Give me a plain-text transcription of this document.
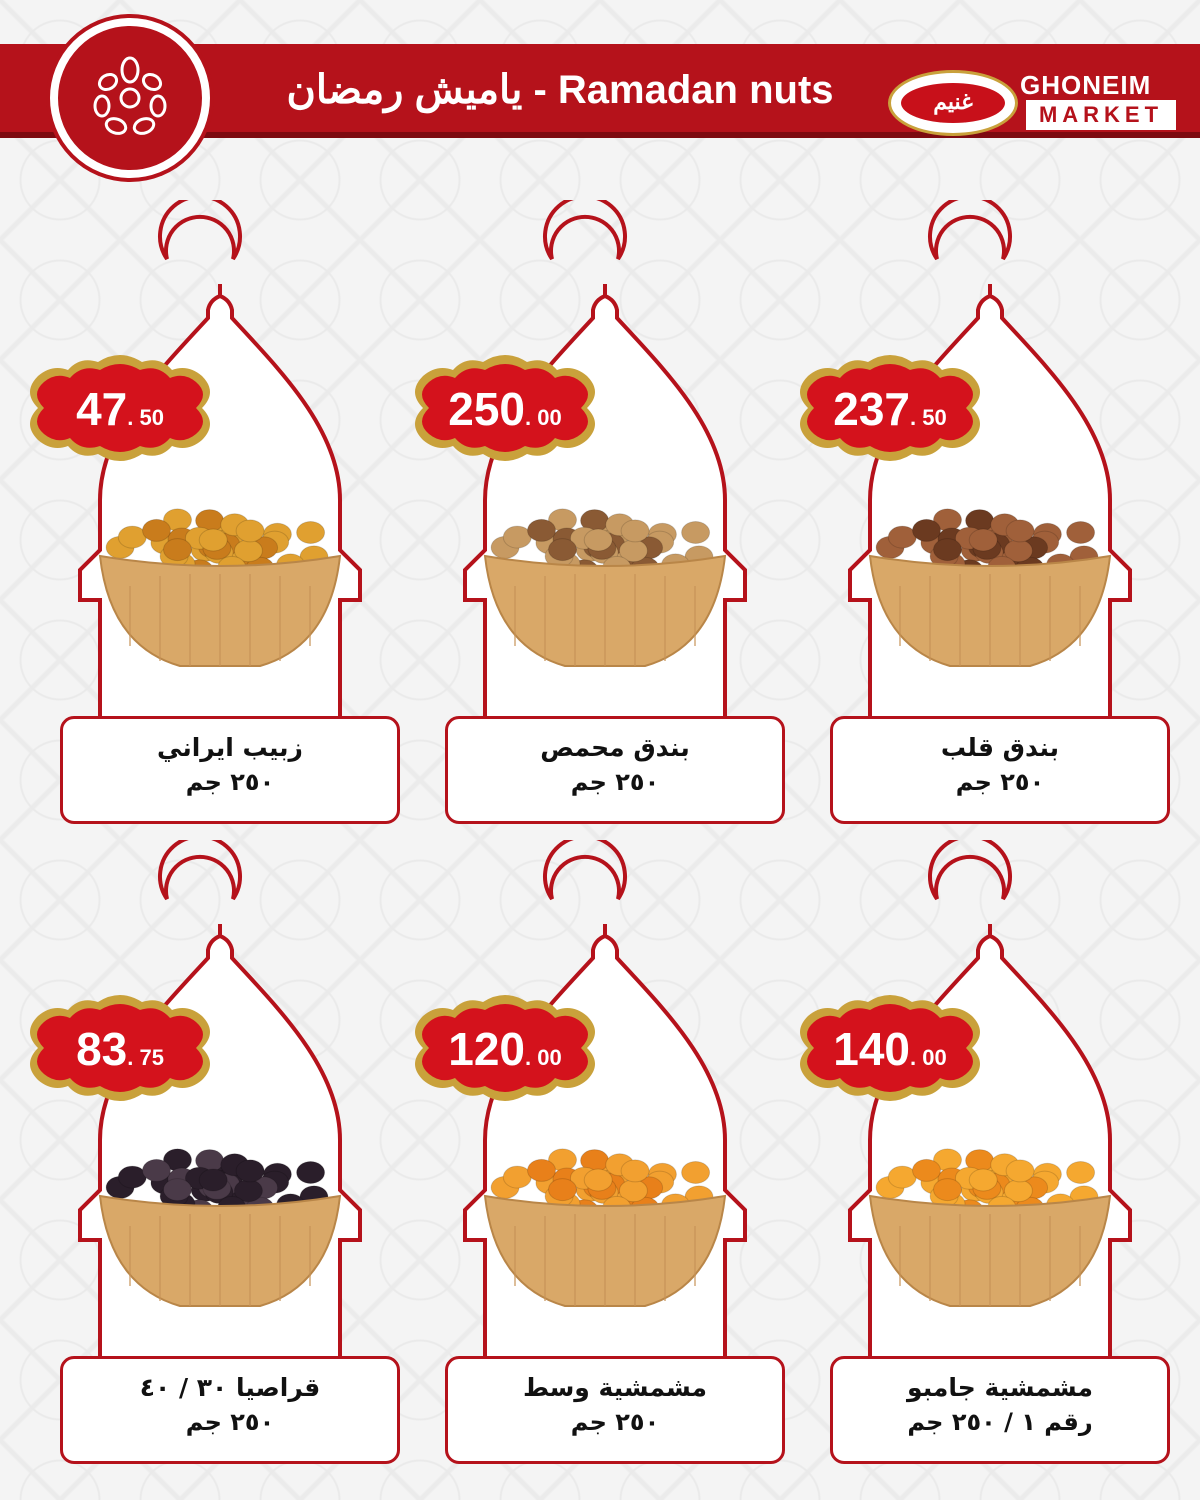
ياميش رمضان - Ramadan nuts	غنيم
GHONEIM
MARKET
47. 50
زبيب ايراني
٢٥٠ جم
250. 00
بندق محمص
٢٥٠ جم
237. 50
بندق قلب
٢٥٠ جم
83. 75
قراصيا ٣٠ / ٤٠
٢٥٠ جم
120. 00
مشمشية وسط
٢٥٠ جم
140. 00
مشمشية جامبو
رقم ١ / ٢٥٠ جم
